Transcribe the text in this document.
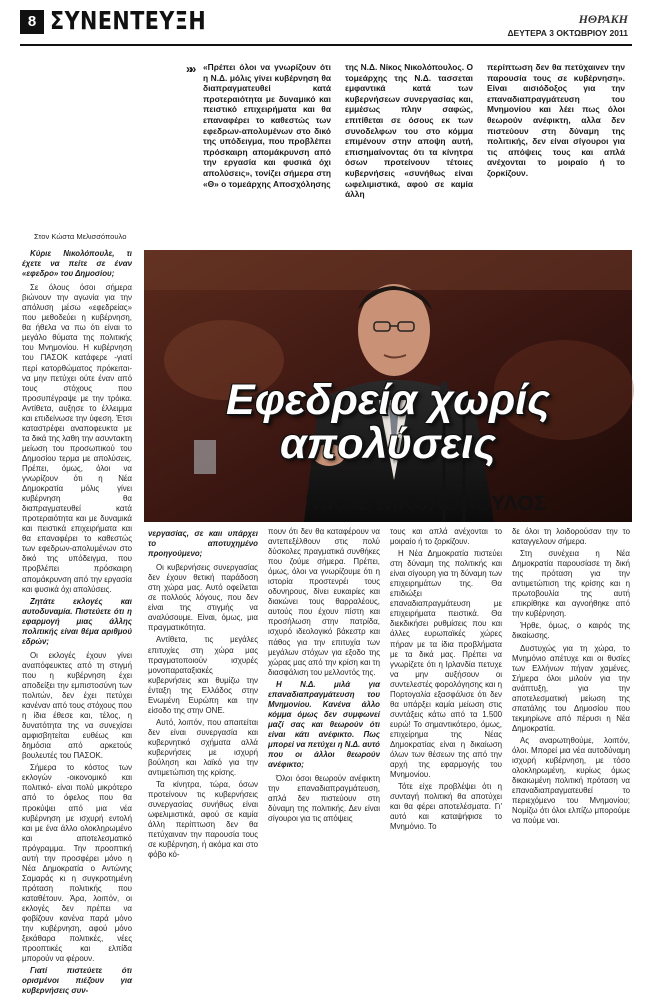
8 ΣΥΝΕΝΤΕΥΞΗ	ΗΘΡΑΚΗ
ΔΕΥΤΕΡΑ 3 ΟΚΤΩΒΡΙΟΥ 2011
»» «Πρέπει όλοι να γνωρίζουν ότι η Ν.Δ. μόλις γίνει κυβέρνηση θα διαπραγματευθεί κατά προτεραιότητα με δυναμικό και πειστικό επιχειρήματα και θα επαναφέρει το καθεστώς των εφεδρων-απολυμένων στο δικό της υπόδειγμα, που προβλέπει πρόσκαιρη απομάκρυνση από την εργασία και φυσικά όχι απολύσεις», τονίζει σήμερα στη «Θ» ο τομεάρχης Αποσχόλησης
της Ν.Δ. Νίκος Νικολόπουλος. Ο τομεάρχης της Ν.Δ. τασσεται εμφαντικά κατά των κυβερνήσεων συνεργασίας και, εμμέσως πλην σαφώς, επιτίθεται σε όσους εκ των συνοδελφων του στο κόμμα επιμένουν στην αποψη αυτή, επισημαίνοντας ότι τα κίνητρα όσων προτείνουν τέτοιες κυβερνήσεις «συνήθως είναι ωφελιμιστικά, αφού σε καμία άλλη
περίπτωση δεν θα πετύχαινεν την παρουσία τους σε κυβέρνηση». Είναι αισιόδοξος για την επαναδιαπραγμάτευση του Μνημονίου και λέει πως όλοι θεωρούν ανέφικτη, αλλα δεν πιστεύουν στη δύναμη της πολιτικής, δεν είναι σίγουροι για τις απόψεις τους και απλά ανέχονται το μοιραίο ή το ζορκίζουν.
Στον Κώστα Μελισσόπουλο

Κύριε Νικολόπουλε, τι έχετε να πείτε σε έναν «εφεδρο» του Δημοσίου;

Σε όλους όσοι σήμερα βιώνουν την αγωνία για την απόλυση μέσω «εφεδρείας» που μεθοδεύει η κυβέρνηση, θα ήθελα να πω ότι είναι το μεγάλο θύματα της πολιτικής του Μνημονίου. Η κυβέρνηση του ΠΑΣΟΚ κατάφερε -γιατί περί κατορθώματος πρόκειται- να μην πετύχει ούτε έναν από τους στόχους που προσυπέγραψε με την τρόικα. Αντίθετα, αυξησε το έλλειμμα και επιδείνωσε την ύφεση. Έτσι καταστρέφει αναποφευκτα με τα δικά της λαθη την ασυντακτη μείωση του προσωπικού του Δημοσίου τερμα με απολύσεις. Πρέπει, όμως, όλοι να γνωρίζουν ότι η Νέα Δημοκρατία μόλις γίνει κυβέρνηση θα διαπραγματευθεί κατά προτεραιότητα και με δυναμικά και πειστικά επιχειρήματα και θα επαναφέρει το καθεστώς των εφεδρων-απολυμένων στο δικό της υπόδειγμα, που προβλέπει πρόσκαιρη απομάκρυνση από την εργασία και φυσικά όχι απολύσεις.

Ζητάτε εκλογές και αυτοδυναμία. Πιστεύετε ότι η εφαρμογή μιας άλλης πολιτικής είναι θέμα αριθμού εδρών;

Οι εκλογές έχουν γίνει αναπόφευκτες από τη στιγμή που η κυβέρνηση έχει αποδείξει την εμπιστοσύνη των πολιτών, δεν έχει πετύχει κανέναν από τους στόχους που η ίδια έθεσε και, τέλος, η δυνατότητα της να συνεχίσει αμφισβητείται ευθέως και δημόσια από αρκετούς βουλευτές του ΠΑΣΟΚ.

Σήμερα το κόστος των εκλογών -οικονομικό και πολιτικό- είναι πολύ μικρότερο από το όφελος που θα προκύψει από μια νέα κυβέρνηση με ισχυρή εντολή και με ένα άλλο ολοκληρωμένο και αποτελεσματικό πρόγραμμα. Την προοπτική αυτή την προσφέρει μόνο η Νέα Δημοκρατία ο Αντώνης Σαμαράς κι η συγκροτημένη πρόταση πολιτικής που καταθέτουν. Άρα, λοιπόν, οι εκλογές δεν πρέπει να φοβίζουν κανένα παρά μόνο την κυβέρνηση, αφού μόνο ξεκάθαρα πολιτικές, νέες προοπτικές και ελπίδα μπορούν να φέρουν.

Γιατί πιστεύετε ότι ορισμένοι πιέζουν για κυβερνήσεις συν-

Εφεδρεία χωρίς
απολύσεις
ΝΙΚΟΣ ΝΙΚΟΛΟΠΟΥΛΟΣ

νεργασίας, σε καιι υπάρχει το αποτυχημένο προηγούμενο;

Οι κυβερνήσεις συνεργασίας δεν έχουν θετική παράδοση στη χώρα μας. Αυτό οφείλεται σε πολλούς λόγους, που δεν είναι της στιγμής να αναλύσουμε. Είναι, όμως, μια πραγματικότητα.

Αντίθετα, τις μεγάλες επιτυχίες στη χώρα μας πραγματοποιούν ισχυρές μονοπαραταξιακές κυβερνήσεις και θυμίζω την ένταξη της Ελλάδος στην Ενωμένη Ευρώπη και την είσοδο της στην ΟΝΕ.

Αυτό, λοιπόν, που απαιτείται δεν είναι συνεργασία και κυβερνητικό σχήματα αλλά κυβερνήσεις με ισχυρή βούληση και λαϊκό για την αντιμετώπιση της κρίσης.

Τα κίνητρα, τώρα, όσων προτείνουν τις κυβερνήσεις συνεργασίας συνήθως είναι ωφελιμιστικά, αφού σε καμία άλλη περίπτωση δεν θα πετύχαιναν την παρουσία τους σε κυβέρνηση, ή ακόμα και στο φόβο κό-

πουν ότι δεν θα καταφέρουν να αντεπεξέλθουν στις πολύ δύσκολες πραγματικά συνθήκες που ζούμε σήμερα. Πρέπει, όμως, όλοι να γνωρίζουμε ότι η ιστορία προστενρέι τους οδυνηρους, δίνει ευκαιρίες και διακώνει τους θαρραλέους, αυτούς που έχουν πίστη και προσήλωση στην πατρίδα, ισχυρό ιδεολογικό βάκεστρ και πάθος για την επιτυχία των μεγάλων στόχων για εξοδο της χώρας μας από την κρίση και τη διασφάλιση του μελλοντός της.

Η Ν.Δ. μιλά για επαναδιαπραγμάτευση του Μνημονίου. Κανένα άλλο κόμμα όμως δεν συμφωνεί μαζί σας και θεωρούν ότι είναι κάτι ανέφικτο. Πως μπορεί να πετύχει η Ν.Δ. αυτό που οι άλλοι θεωρούν ανέφικτο;

Όλοι όσοι θεωρούν ανέφικτη την επαναδιαπραγμάτευση, απλά δεν πιστεύουν στη δύναμη της πολιτικής. Δεν είναι σίγουροι για τις απόψεις

τους και απλά ανέχονται το μοιραίο ή το ζορκίζουν.

Η Νέα Δημοκρατία πιστεύει στη δύναμη της πολιτικής και είναι σίγουρη για τη δύναμη των επιχειρημάτων της. Θα επιδιώξει επαναδιαπραγμάτευση με επιχειρήματα πειστικά. Θα διεκδικήσει ρυθμίσεις που και άλλες ευρωπαϊκές χώρες πήραν με τα ίδια προβλήματα με τα δικά μας. Πρέπει να γνωρίζετε ότι η Ιρλανδία πετυχε να μην αυξήσουν οι συντελεστές φορολόγησης και η Πορτογαλία εξασφάλισε ότι δεν θα υπάρξει καμία μείωση στις συντάξεις κάτω από τα 1.500 ευρώ! Το σημαντικότερο, όμως, επιχείρημα της Νέας Δημοκρατίας είναι η δικαίωση όλων των θέσεων της από την αρχή της εφαρμογής του Μνημονίου.

Τότε είχε προβλέψει ότι η συνταγή πολιτική θα αποτύχει και θα φέρει αποτελέσματα. Γι' αυτό και καταψήφισε το Μνημόνιο. Το

δε όλοι τη λοιδορούσαν την το καταγγελουν σήμερα.

Στη συνέχεια η Νέα Δημοκρατία παρουσίασε τη δική της πρόταση για την αντιμετώπιση της κρίσης και η πρωτοβουλία της αυτή επικρίθηκε και αγνοήθηκε από την κυβέρνηση.

Ήρθε, όμως, ο καιρός της δικαίωσης.

Δυστυχώς για τη χώρα, το Μνημόνιο απέτυχε και οι θυσίες των Ελλήνων πήγαν χαμένες. Σήμερα όλοι μιλούν για την ανάπτυξη, για την αποτελεσματική μείωση της σπατάλης του Δημοσίου που τεκμηρίωνε από πέρυσι η Νέα Δημοκρατία.

Ας αναρωτηθούμε, λοιπόν, όλοι. Μπορεί μια νέα αυτοδύναμη ισχυρή κυβέρνηση, με τόσο ολοκληρωμένη, κυρίως όμως δικαιωμένη πολιτική πρόταση να επαναδιαπραγματευθεί το περιεχόμενο του Μνημονίου; Νομίζω ότι όλοι ελπίζω μπορούμε να πούμε ναι.
